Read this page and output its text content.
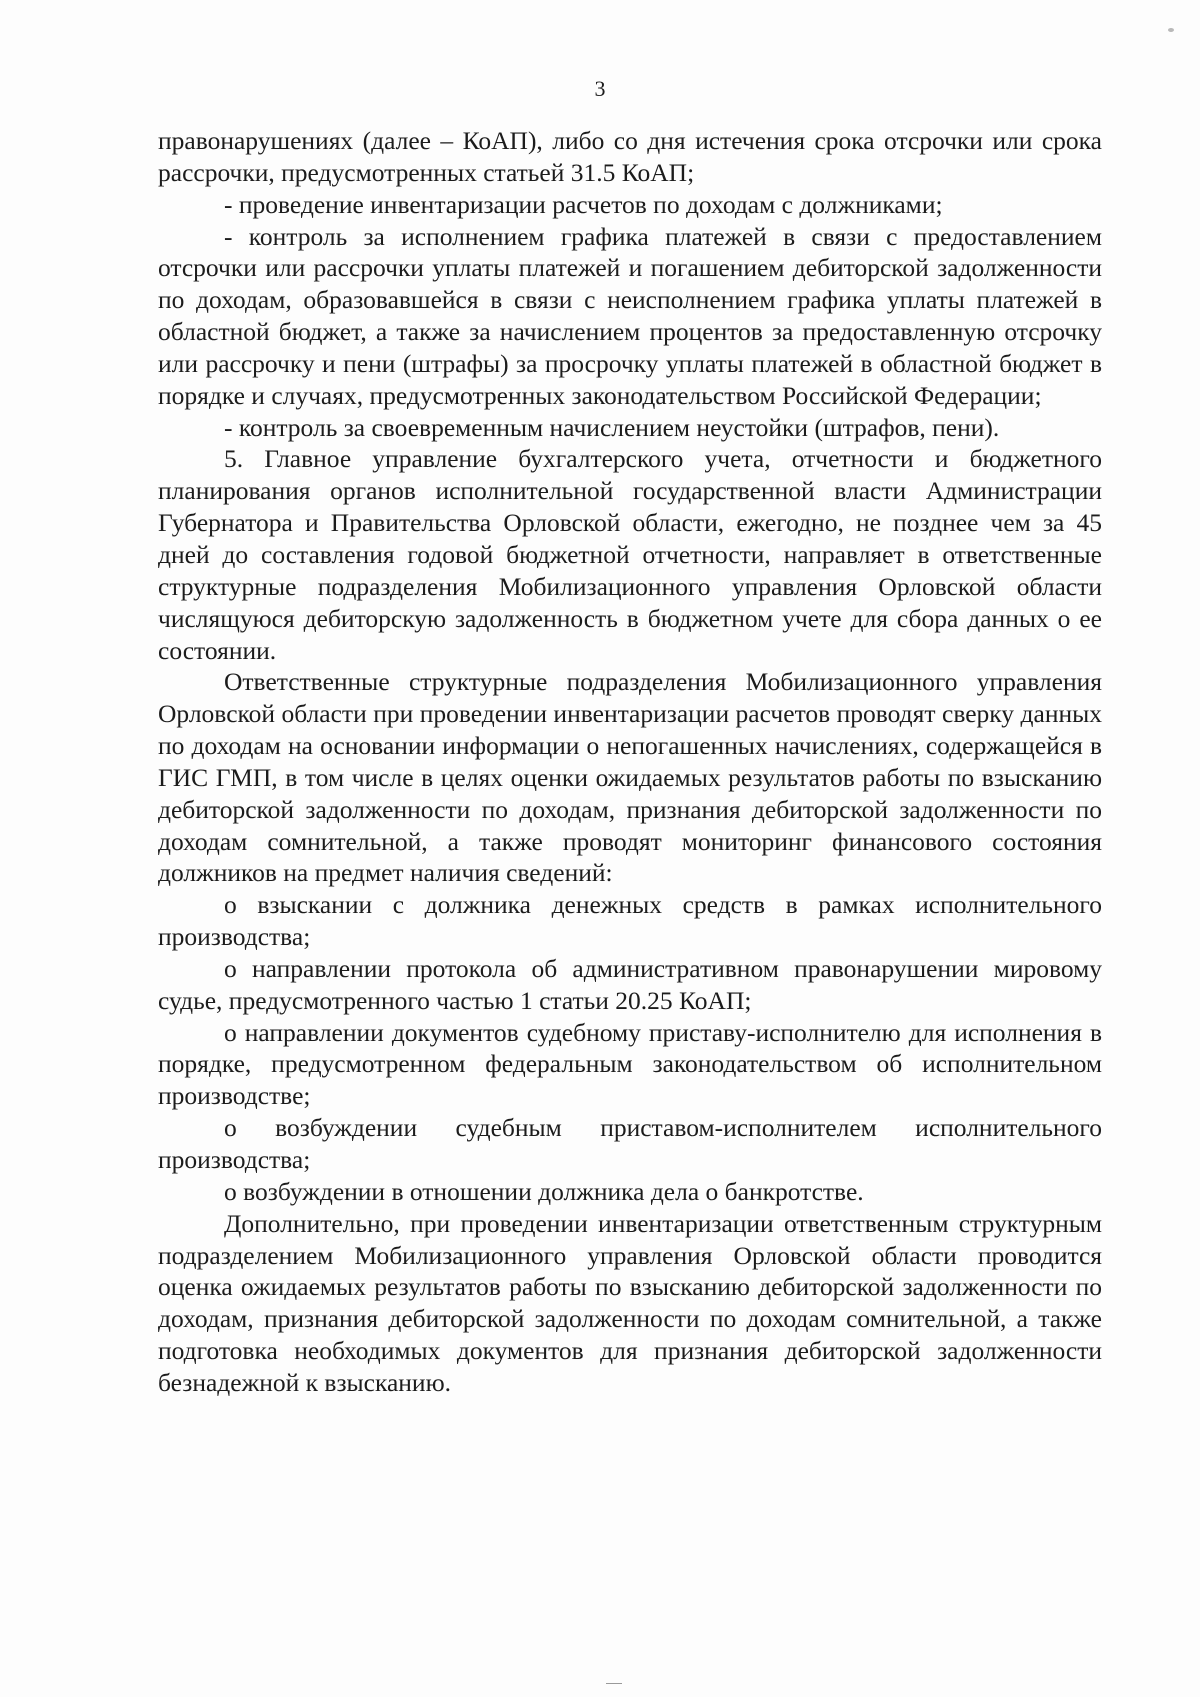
3

правонарушениях (далее – КоАП), либо со дня истечения срока отсрочки или срока рассрочки, предусмотренных статьей 31.5 КоАП;

- проведение инвентаризации расчетов по доходам с должниками;

- контроль за исполнением графика платежей в связи с предоставлением отсрочки или рассрочки уплаты платежей и погашением дебиторской задолженности по доходам, образовавшейся в связи с неисполнением графика уплаты платежей в областной бюджет, а также за начислением процентов за предоставленную отсрочку или рассрочку и пени (штрафы) за просрочку уплаты платежей в областной бюджет в порядке и случаях, предусмотренных законодательством Российской Федерации;

- контроль за своевременным начислением неустойки (штрафов, пени).

5. Главное управление бухгалтерского учета, отчетности и бюджетного планирования органов исполнительной государственной власти Администрации Губернатора и Правительства Орловской области, ежегодно, не позднее чем за 45 дней до составления годовой бюджетной отчетности, направляет в ответственные структурные подразделения Мобилизационного управления Орловской области числящуюся дебиторскую задолженность в бюджетном учете для сбора данных о ее состоянии.

Ответственные структурные подразделения Мобилизационного управления Орловской области при проведении инвентаризации расчетов проводят сверку данных по доходам на основании информации о непогашенных начислениях, содержащейся в ГИС ГМП, в том числе в целях оценки ожидаемых результатов работы по взысканию дебиторской задолженности по доходам, признания дебиторской задолженности по доходам сомнительной, а также проводят мониторинг финансового состояния должников на предмет наличия сведений:

о взыскании с должника денежных средств в рамках исполнительного производства;

о направлении протокола об административном правонарушении мировому судье, предусмотренного частью 1 статьи 20.25 КоАП;

о направлении документов судебному приставу-исполнителю для исполнения в порядке, предусмотренном федеральным законодательством об исполнительном производстве;

о возбуждении судебным приставом-исполнителем исполнительного производства;

о возбуждении в отношении должника дела о банкротстве.

Дополнительно, при проведении инвентаризации ответственным структурным подразделением Мобилизационного управления Орловской области проводится оценка ожидаемых результатов работы по взысканию дебиторской задолженности по доходам, признания дебиторской задолженности по доходам сомнительной, а также подготовка необходимых документов для признания дебиторской задолженности безнадежной к взысканию.
